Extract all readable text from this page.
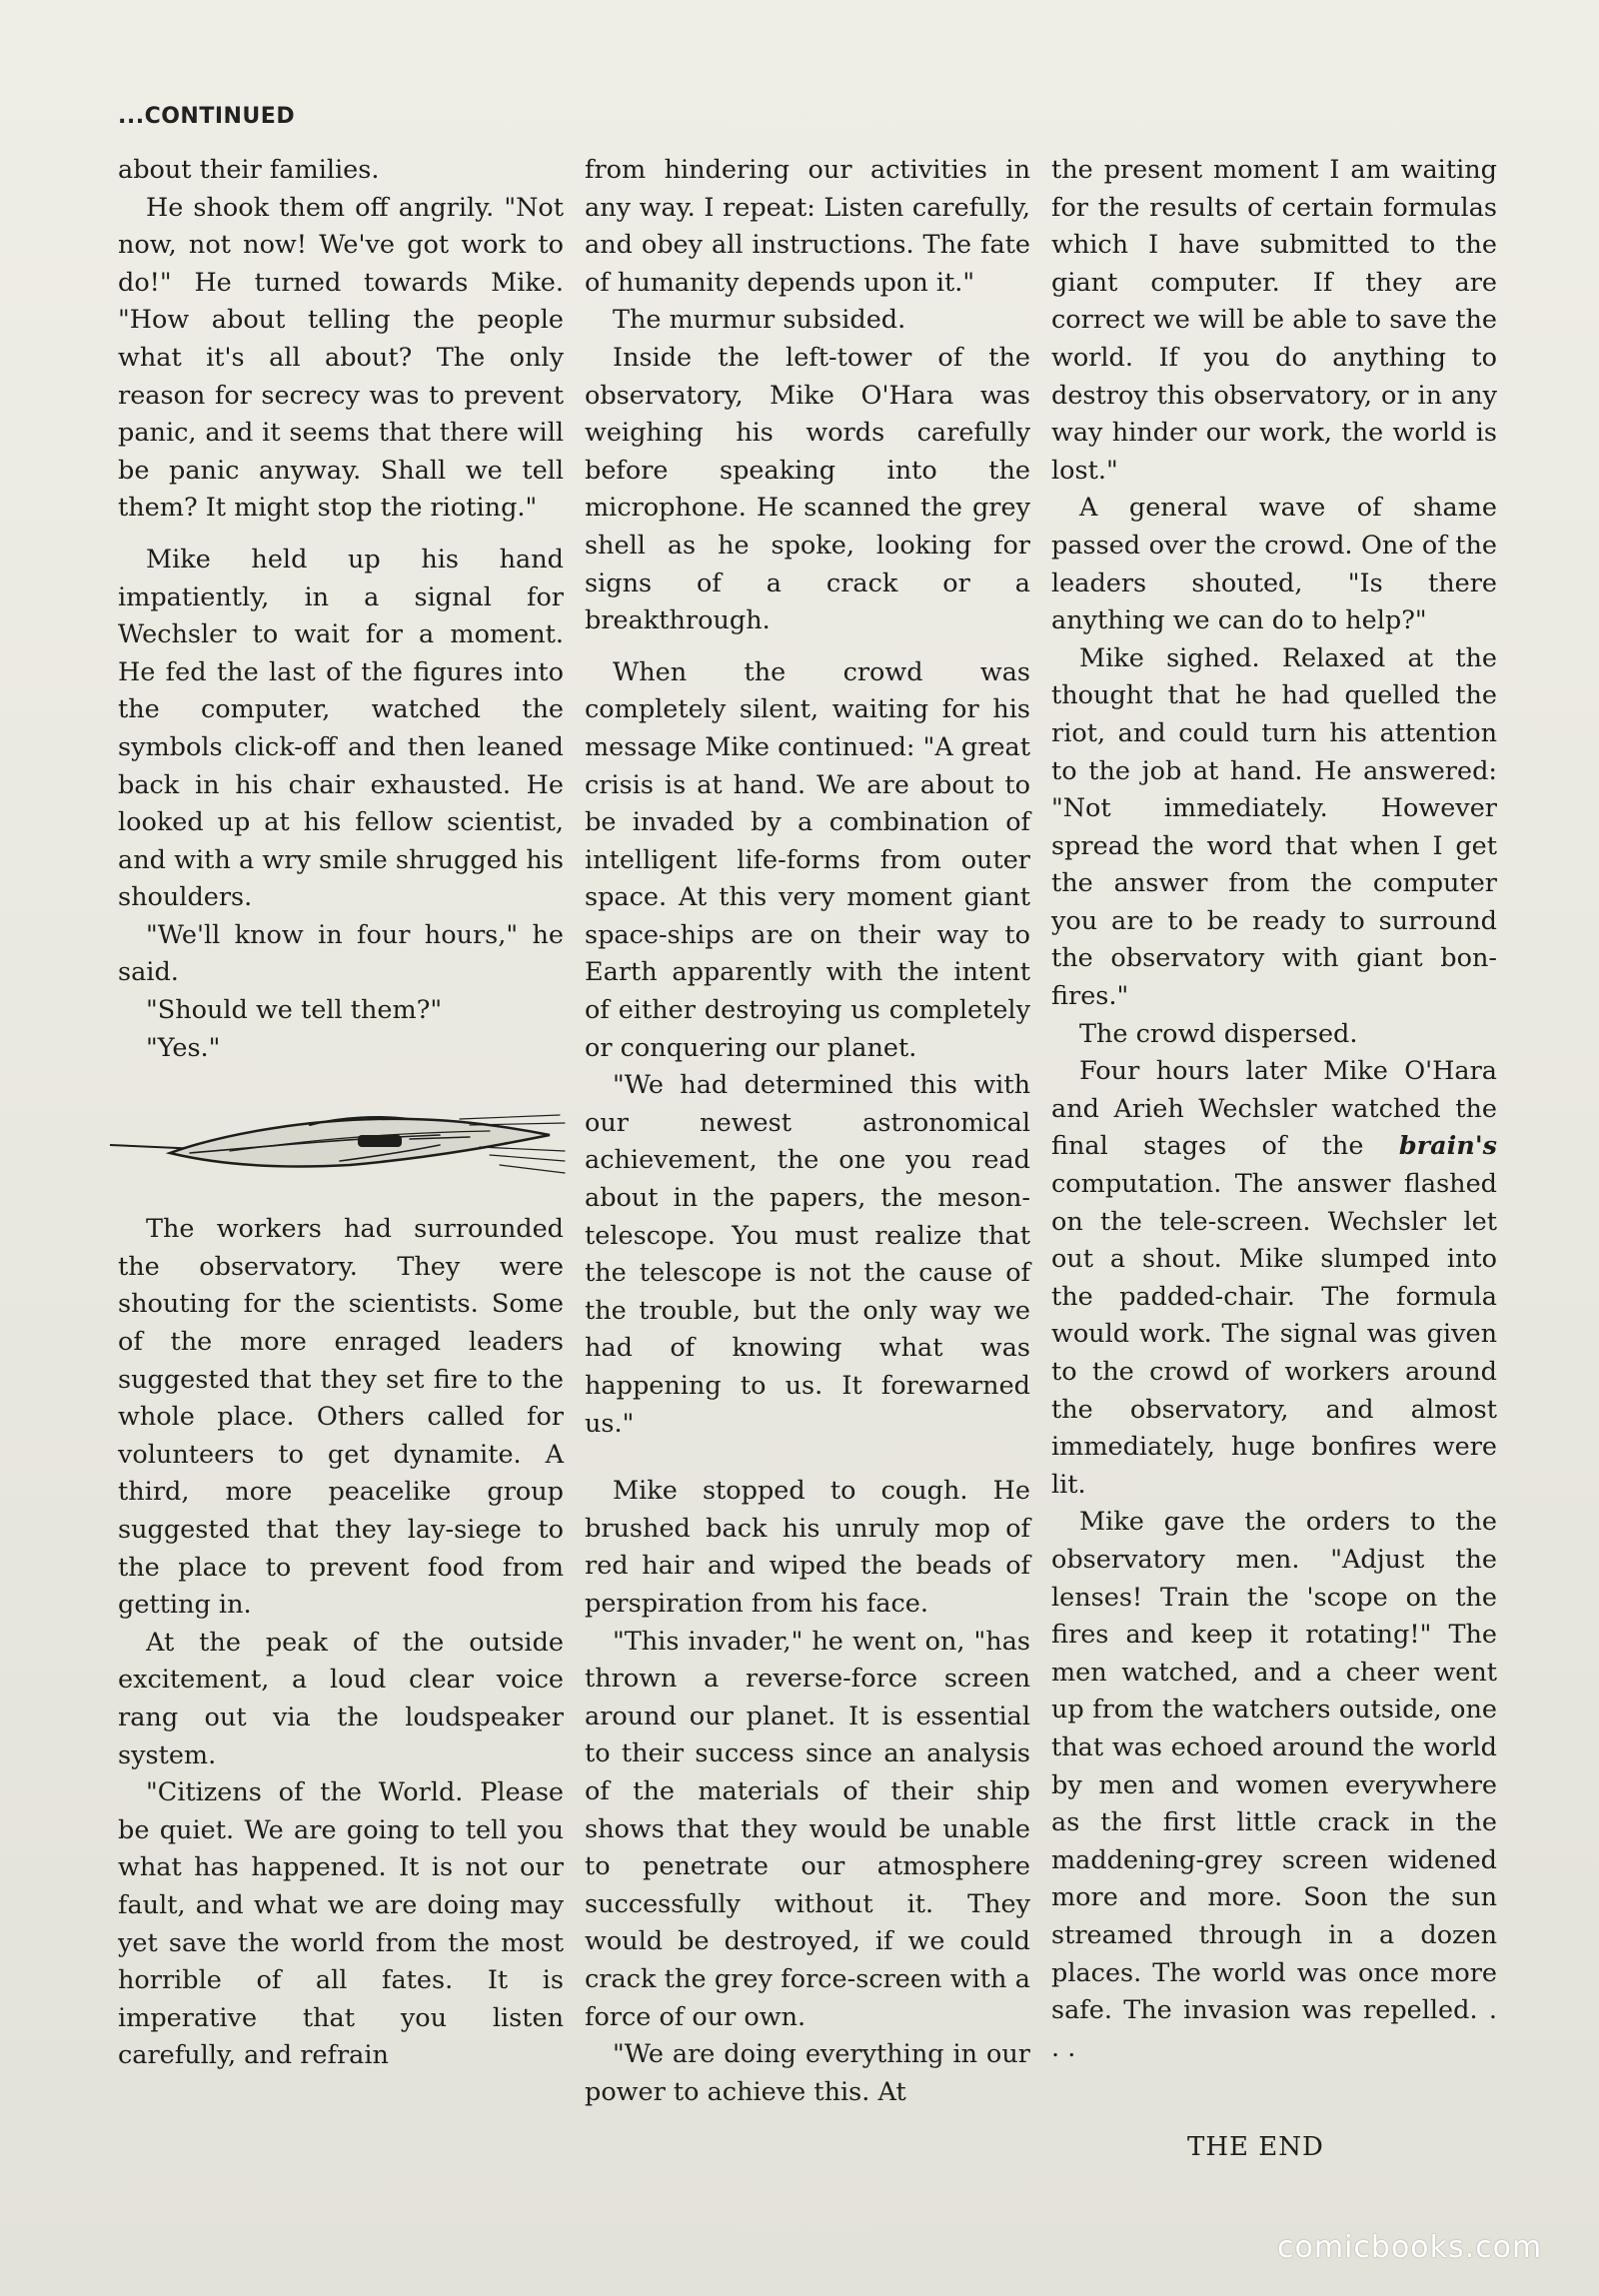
...CONTINUED

about their families.

He shook them off angrily. "Not now, not now! We've got work to do!" He turned towards Mike. "How about telling the people what it's all about? The only reason for secrecy was to prevent panic, and it seems that there will be panic anyway. Shall we tell them? It might stop the rioting."

Mike held up his hand impatiently, in a signal for Wechsler to wait for a moment. He fed the last of the figures into the computer, watched the symbols click-off and then leaned back in his chair exhausted. He looked up at his fellow scientist, and with a wry smile shrugged his shoulders.

"We'll know in four hours," he said.

"Should we tell them?"

"Yes."

The workers had surrounded the observatory. They were shouting for the scientists. Some of the more enraged leaders suggested that they set fire to the whole place. Others called for volunteers to get dynamite. A third, more peacelike group suggested that they lay-siege to the place to prevent food from getting in.

At the peak of the outside excitement, a loud clear voice rang out via the loudspeaker system.

"Citizens of the World. Please be quiet. We are going to tell you what has happened. It is not our fault, and what we are doing may yet save the world from the most horrible of all fates. It is imperative that you listen carefully, and refrain

from hindering our activities in any way. I repeat: Listen carefully, and obey all instructions. The fate of humanity depends upon it."

The murmur subsided.

Inside the left-tower of the observatory, Mike O'Hara was weighing his words carefully before speaking into the microphone. He scanned the grey shell as he spoke, looking for signs of a crack or a breakthrough.

When the crowd was completely silent, waiting for his message Mike continued: "A great crisis is at hand. We are about to be invaded by a combination of intelligent life-forms from outer space. At this very moment giant space-ships are on their way to Earth apparently with the intent of either destroying us completely or conquering our planet.

"We had determined this with our newest astronomical achievement, the one you read about in the papers, the meson-telescope. You must realize that the telescope is not the cause of the trouble, but the only way we had of knowing what was happening to us. It forewarned us."

Mike stopped to cough. He brushed back his unruly mop of red hair and wiped the beads of perspiration from his face.

"This invader," he went on, "has thrown a reverse-force screen around our planet. It is essential to their success since an analysis of the materials of their ship shows that they would be unable to penetrate our atmosphere successfully without it. They would be destroyed, if we could crack the grey force-screen with a force of our own.

"We are doing everything in our power to achieve this. At

the present moment I am waiting for the results of certain formulas which I have submitted to the giant computer. If they are correct we will be able to save the world. If you do anything to destroy this observatory, or in any way hinder our work, the world is lost."

A general wave of shame passed over the crowd. One of the leaders shouted, "Is there anything we can do to help?"

Mike sighed. Relaxed at the thought that he had quelled the riot, and could turn his attention to the job at hand. He answered: "Not immediately. However spread the word that when I get the answer from the computer you are to be ready to surround the observatory with giant bon-fires."

The crowd dispersed.

Four hours later Mike O'Hara and Arieh Wechsler watched the final stages of the brain's computation. The answer flashed on the tele-screen. Wechsler let out a shout. Mike slumped into the padded-chair. The formula would work. The signal was given to the crowd of workers around the observatory, and almost immediately, huge bonfires were lit.

Mike gave the orders to the observatory men. "Adjust the lenses! Train the 'scope on the fires and keep it rotating!" The men watched, and a cheer went up from the watchers outside, one that was echoed around the world by men and women everywhere as the first little crack in the maddening-grey screen widened more and more. Soon the sun streamed through in a dozen places. The world was once more safe. The invasion was repelled. . . .

THE END
comicbooks.com
